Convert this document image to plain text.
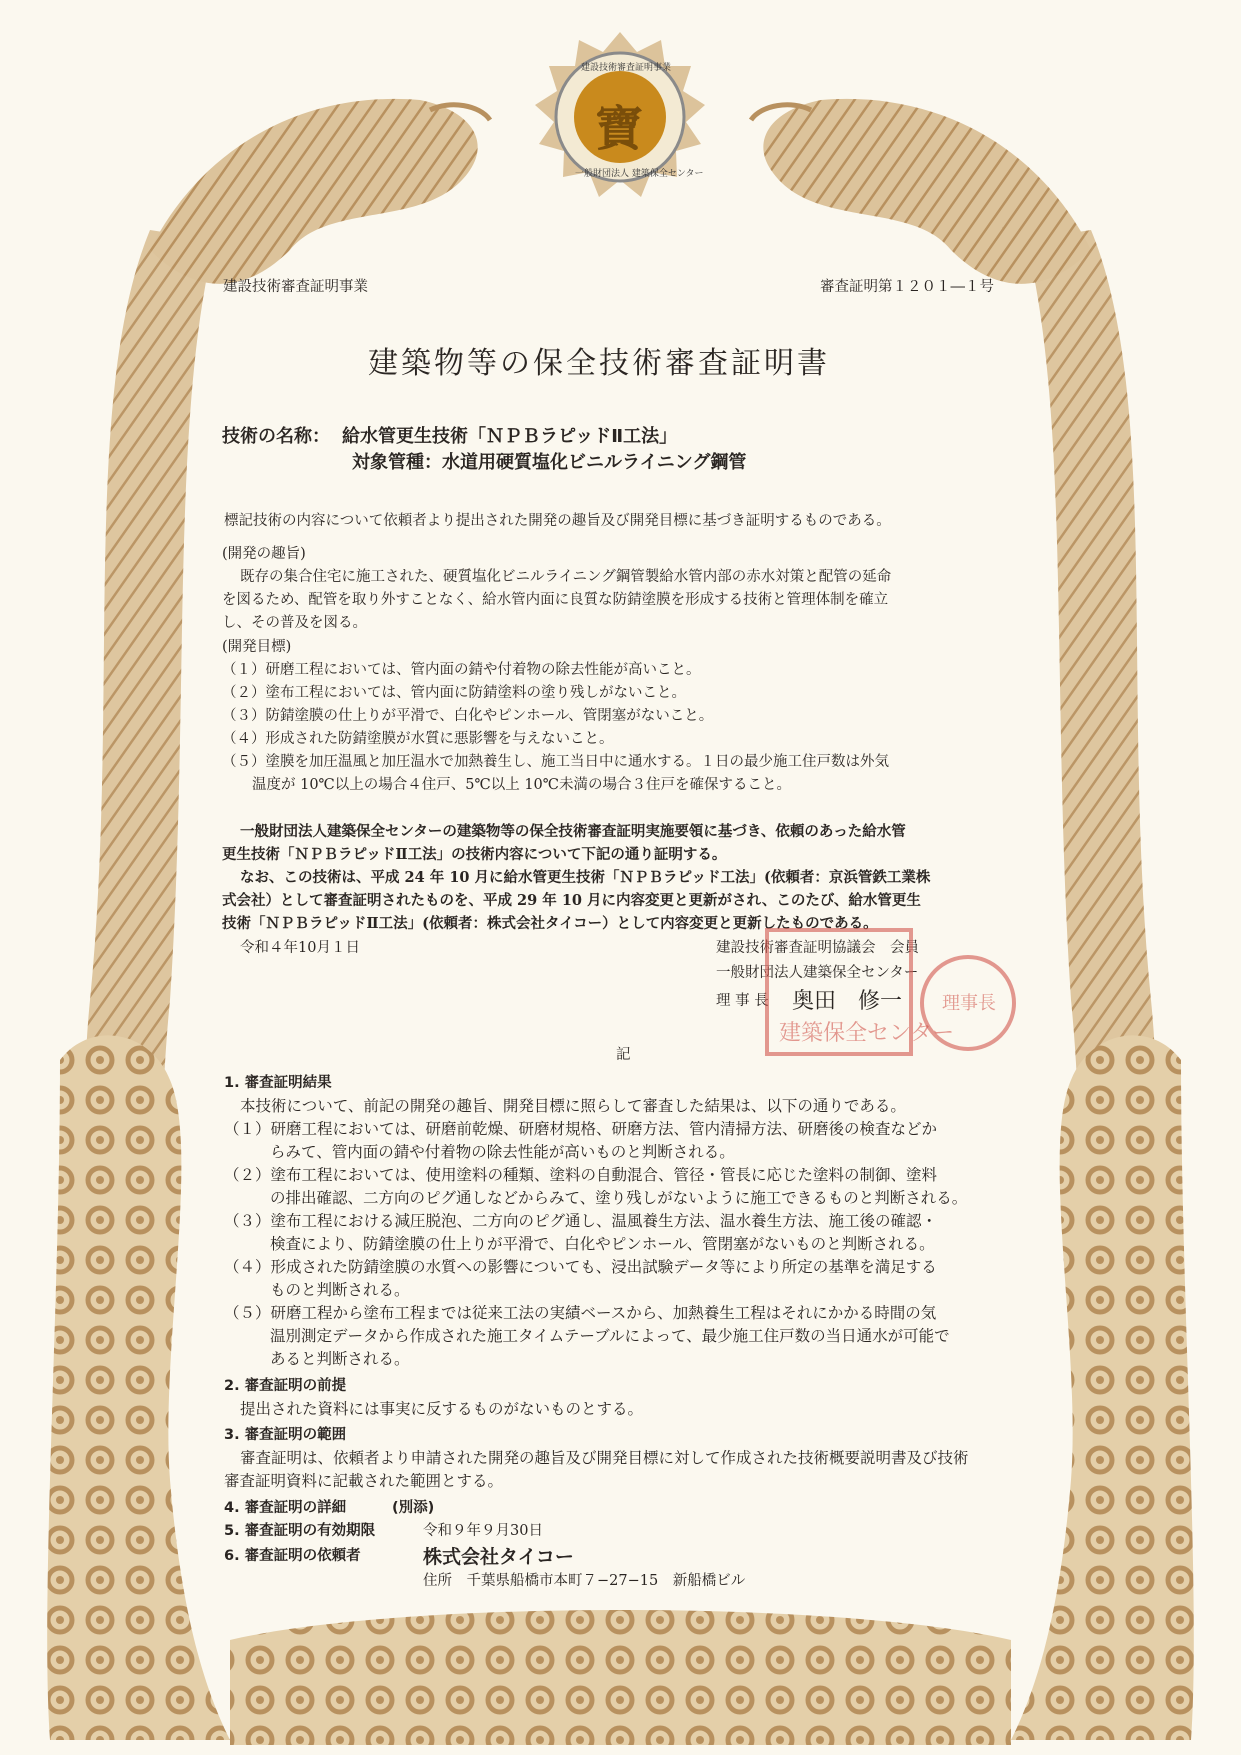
寶
建設技術審査証明事業
一般財団法人 建築保全センター
建設技術審査証明事業	審査証明第１２０１―１号
建築物等の保全技術審査証明書
技術の名称： 給水管更生技術「ＮＰＢラピッドⅡ工法」
対象管種： 水道用硬質塩化ビニルライニング鋼管
標記技術の内容について依頼者より提出された開発の趣旨及び開発目標に基づき証明するものである。
(開発の趣旨)
既存の集合住宅に施工された、硬質塩化ビニルライニング鋼管製給水管内部の赤水対策と配管の延命
を図るため、配管を取り外すことなく、給水管内面に良質な防錆塗膜を形成する技術と管理体制を確立
し、その普及を図る。
(開発目標)
（１）研磨工程においては、管内面の錆や付着物の除去性能が高いこと。
（２）塗布工程においては、管内面に防錆塗料の塗り残しがないこと。
（３）防錆塗膜の仕上りが平滑で、白化やピンホール、管閉塞がないこと。
（４）形成された防錆塗膜が水質に悪影響を与えないこと。
（５）塗膜を加圧温風と加圧温水で加熱養生し、施工当日中に通水する。１日の最少施工住戸数は外気
温度が 10℃以上の場合４住戸、5℃以上 10℃未満の場合３住戸を確保すること。
一般財団法人建築保全センターの建築物等の保全技術審査証明実施要領に基づき、依頼のあった給水管
更生技術「ＮＰＢラピッドⅡ工法」の技術内容について下記の通り証明する。
なお、この技術は、平成 24 年 10 月に給水管更生技術「ＮＰＢラピッド工法」(依頼者：京浜管鉄工業株
式会社）として審査証明されたものを、平成 29 年 10 月に内容変更と更新がされ、このたび、給水管更生
技術「ＮＰＢラピッドⅡ工法」(依頼者：株式会社タイコー）として内容変更と更新したものである。
令和４年10月１日	建設技術審査証明協議会　会員
一般財団法人建築保全センター
理 事 長 奥田　修一
建築保全センター
理事長
記
1. 審査証明結果
本技術について、前記の開発の趣旨、開発目標に照らして審査した結果は、以下の通りである。
（１）研磨工程においては、研磨前乾燥、研磨材規格、研磨方法、管内清掃方法、研磨後の検査などか
らみて、管内面の錆や付着物の除去性能が高いものと判断される。
（２）塗布工程においては、使用塗料の種類、塗料の自動混合、管径・管長に応じた塗料の制御、塗料
の排出確認、二方向のピグ通しなどからみて、塗り残しがないように施工できるものと判断される。
（３）塗布工程における減圧脱泡、二方向のピグ通し、温風養生方法、温水養生方法、施工後の確認・
検査により、防錆塗膜の仕上りが平滑で、白化やピンホール、管閉塞がないものと判断される。
（４）形成された防錆塗膜の水質への影響についても、浸出試験データ等により所定の基準を満足する
ものと判断される。
（５）研磨工程から塗布工程までは従来工法の実績ベースから、加熱養生工程はそれにかかる時間の気
温別測定データから作成された施工タイムテーブルによって、最少施工住戸数の当日通水が可能で
あると判断される。
2. 審査証明の前提
提出された資料には事実に反するものがないものとする。
3. 審査証明の範囲
審査証明は、依頼者より申請された開発の趣旨及び開発目標に対して作成された技術概要説明書及び技術
審査証明資料に記載された範囲とする。
4. 審査証明の詳細	(別添)
5. 審査証明の有効期限	令和９年９月30日
6. 審査証明の依頼者	株式会社タイコー
住所　千葉県船橋市本町７−27−15　新船橋ビル
